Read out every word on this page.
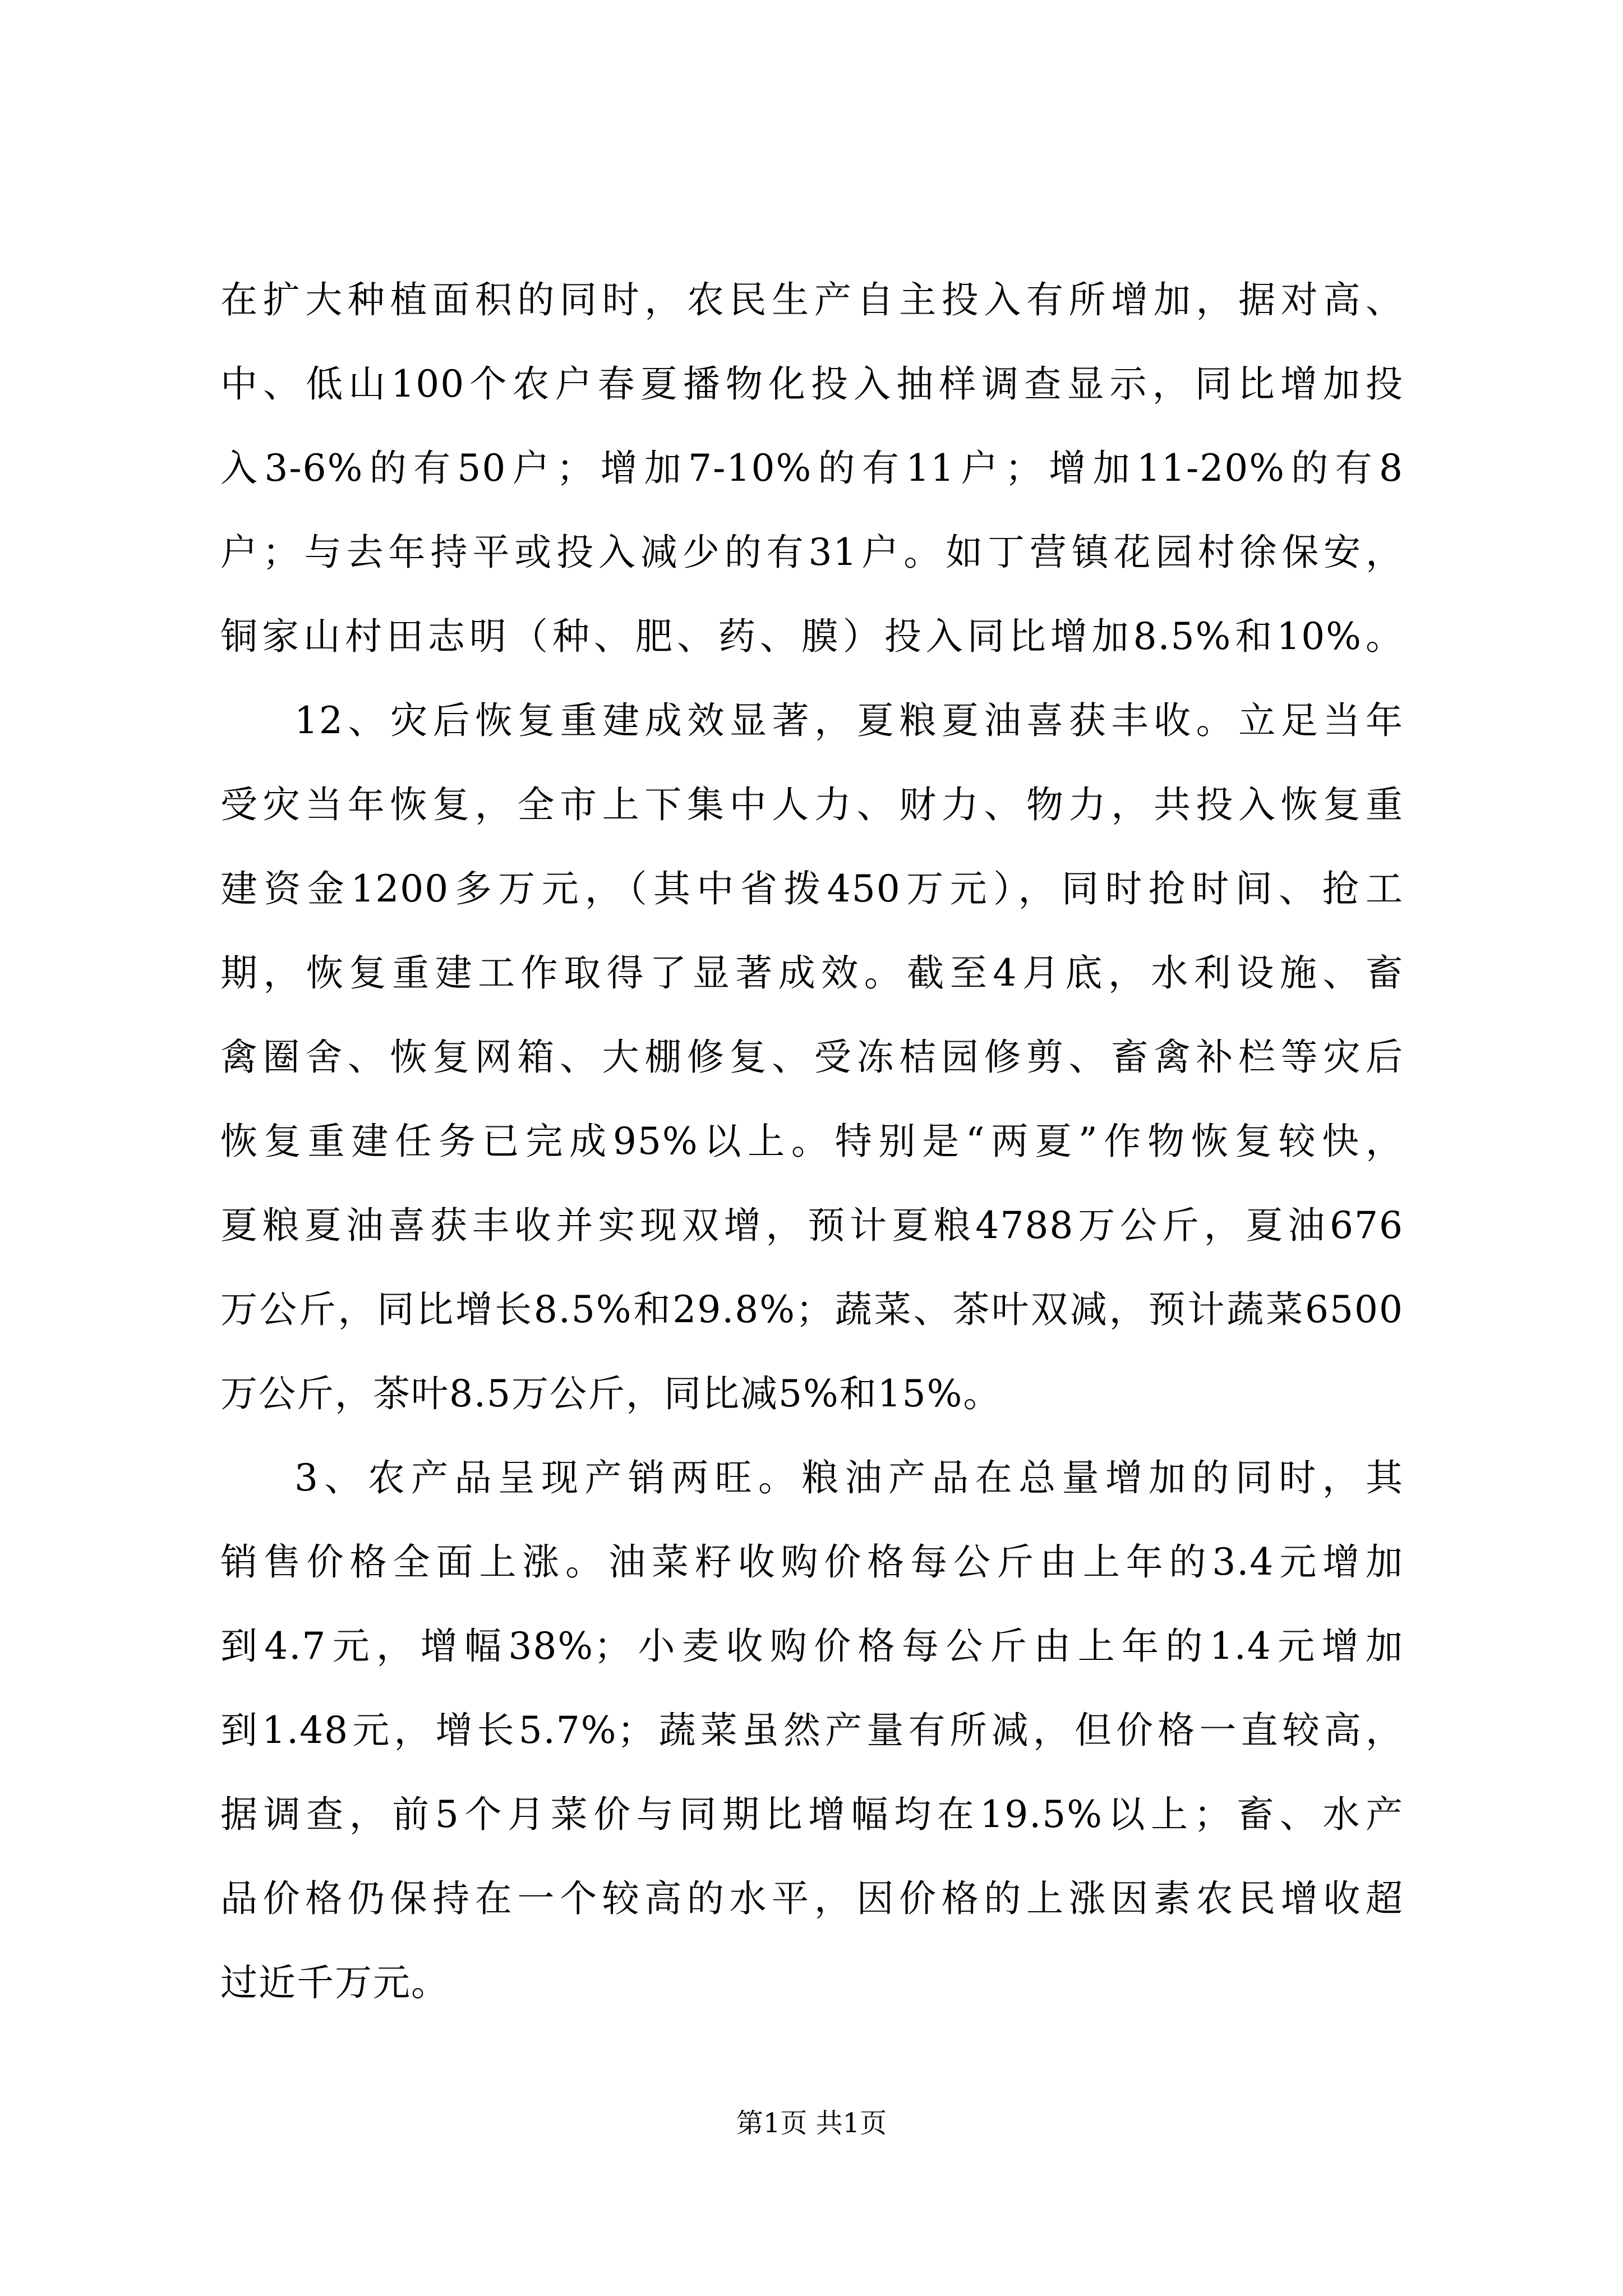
在扩大种植面积的同时，农民生产自主投入有所增加，据对高、
中、低山100个农户春夏播物化投入抽样调查显示，同比增加投
入3-6%的有50户；增加7-10%的有11户；增加11-20%的有8
户；与去年持平或投入减少的有31户。如丁营镇花园村徐保安，
铜家山村田志明（种、肥、药、膜）投入同比增加8.5%和10%。
12、灾后恢复重建成效显著，夏粮夏油喜获丰收。立足当年
受灾当年恢复，全市上下集中人力、财力、物力，共投入恢复重
建资金1200多万元，（其中省拨450万元），同时抢时间、抢工
期，恢复重建工作取得了显著成效。截至4月底，水利设施、畜
禽圈舍、恢复网箱、大棚修复、受冻桔园修剪、畜禽补栏等灾后
恢复重建任务已完成95%以上。特别是“两夏”作物恢复较快，
夏粮夏油喜获丰收并实现双增，预计夏粮4788万公斤，夏油676
万公斤，同比增长8.5%和29.8%；蔬菜、茶叶双减，预计蔬菜6500
万公斤，茶叶8.5万公斤，同比减5%和15%。
3、农产品呈现产销两旺。粮油产品在总量增加的同时，其
销售价格全面上涨。油菜籽收购价格每公斤由上年的3.4元增加
到4.7元，增幅38%；小麦收购价格每公斤由上年的1.4元增加
到1.48元，增长5.7%；蔬菜虽然产量有所减，但价格一直较高，
据调查，前5个月菜价与同期比增幅均在19.5%以上；畜、水产
品价格仍保持在一个较高的水平，因价格的上涨因素农民增收超
过近千万元。
第1页 共1页
